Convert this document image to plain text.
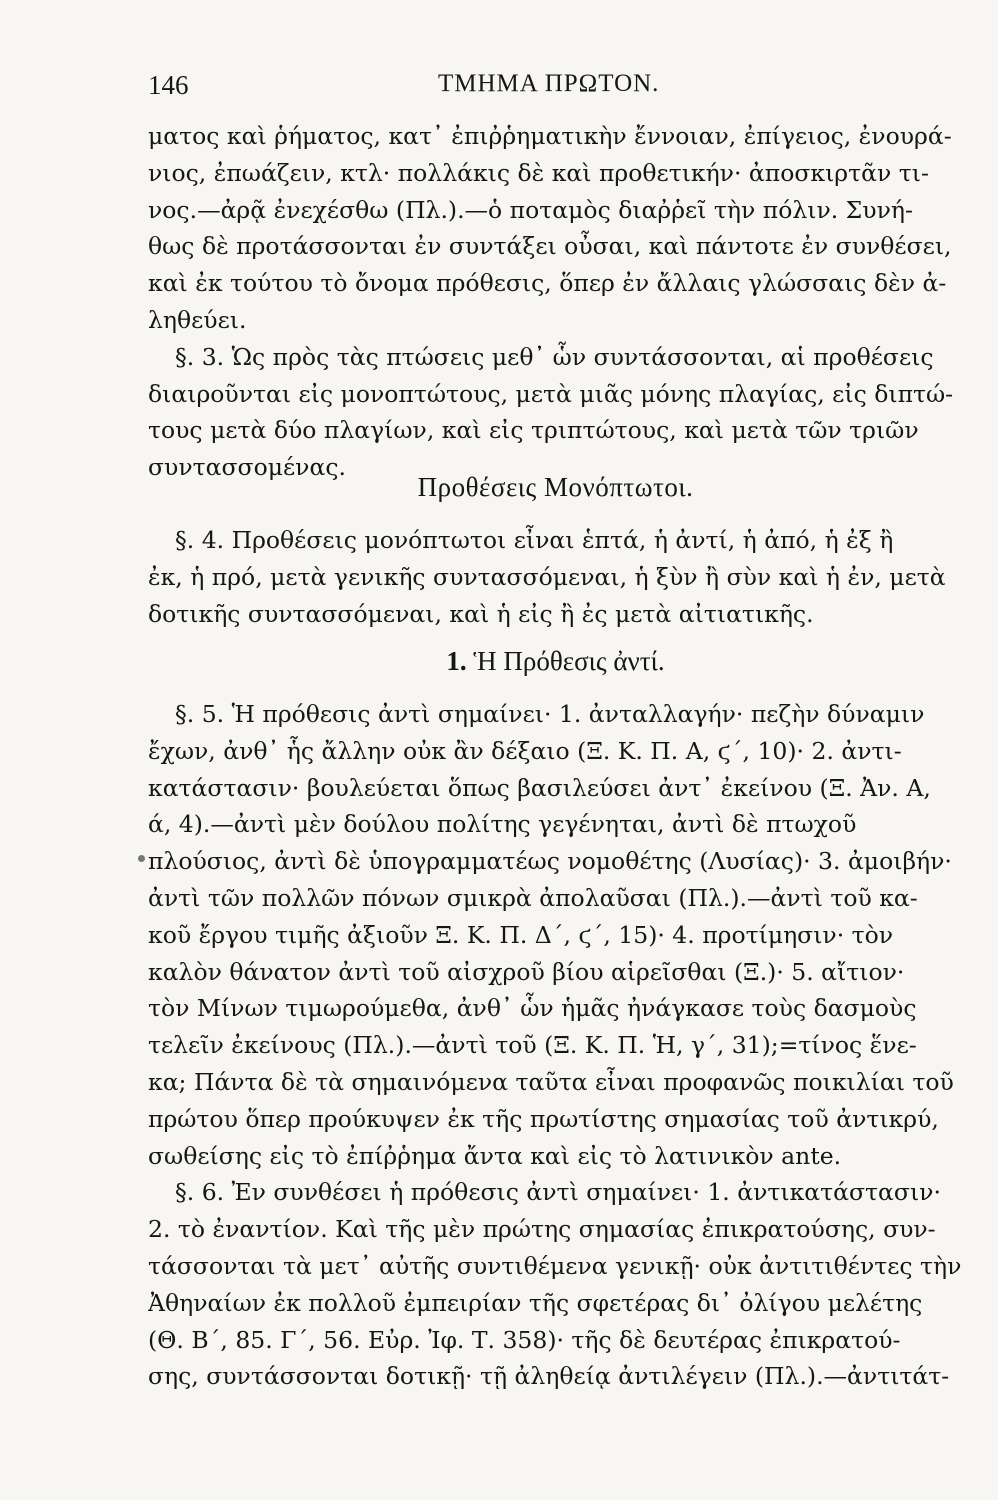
146	ΤΜΗΜΑ ΠΡΩΤΟΝ.
ματος καὶ ῥήματος, κατ᾽ ἐπιῤῥηματικὴν ἔννοιαν, ἐπίγειος, ἐνουρά-
νιος, ἐπωάζειν, κτλ· πολλάκις δὲ καὶ προθετικήν· ἀποσκιρτᾶν τι-
νος.—ἀρᾷ ἐνεχέσθω (Πλ.).—ὁ ποταμὸς διαῤῥεῖ τὴν πόλιν. Συνή-
θως δὲ προτάσσονται ἐν συντάξει οὖσαι, καὶ πάντοτε ἐν συνθέσει,
καὶ ἐκ τούτου τὸ ὄνομα πρόθεσις, ὅπερ ἐν ἄλλαις γλώσσαις δὲν ἀ-
ληθεύει.
§. 3. Ὡς πρὸς τὰς πτώσεις μεθ᾽ ὧν συντάσσονται, αἱ προθέσεις
διαιροῦνται εἰς μονοπτώτους, μετὰ μιᾶς μόνης πλαγίας, εἰς διπτώ-
τους μετὰ δύο πλαγίων, καὶ εἰς τριπτώτους, καὶ μετὰ τῶν τριῶν
συντασσομένας.
Προθέσεις Μονόπτωτοι.
§. 4. Προθέσεις μονόπτωτοι εἶναι ἑπτά, ἡ ἀντί, ἡ ἀπό, ἡ ἐξ ἢ
ἐκ, ἡ πρό, μετὰ γενικῆς συντασσόμεναι, ἡ ξὺν ἢ σὺν καὶ ἡ ἐν, μετὰ
δοτικῆς συντασσόμεναι, καὶ ἡ εἰς ἢ ἐς μετὰ αἰτιατικῆς.
1. Ἡ Πρόθεσις ἀντί.
§. 5. Ἡ πρόθεσις ἀντὶ σημαίνει· 1. ἀνταλλαγήν· πεζὴν δύναμιν
ἔχων, ἀνθ᾽ ἧς ἄλλην οὐκ ἂν δέξαιο (Ξ. Κ. Π. Α, ϛ΄, 10)· 2. ἀντι-
κατάστασιν· βουλεύεται ὅπως βασιλεύσει ἀντ᾽ ἐκείνου (Ξ. Ἀν. Α,
ά, 4).—ἀντὶ μὲν δούλου πολίτης γεγένηται, ἀντὶ δὲ πτωχοῦ
πλούσιος, ἀντὶ δὲ ὑπογραμματέως νομοθέτης (Λυσίας)· 3. ἀμοιβήν·
ἀντὶ τῶν πολλῶν πόνων σμικρὰ ἀπολαῦσαι (Πλ.).—ἀντὶ τοῦ κα-
κοῦ ἔργου τιμῆς ἀξιοῦν Ξ. Κ. Π. Δ΄, ϛ΄, 15)· 4. προτίμησιν· τὸν
καλὸν θάνατον ἀντὶ τοῦ αἰσχροῦ βίου αἱρεῖσθαι (Ξ.)· 5. αἴτιον·
τὸν Μίνων τιμωρούμεθα, ἀνθ᾽ ὧν ἡμᾶς ἠνάγκασε τοὺς δασμοὺς
τελεῖν ἐκείνους (Πλ.).—ἀντὶ τοῦ (Ξ. Κ. Π. Ἡ, γ΄, 31);=τίνος ἕνε-
κα; Πάντα δὲ τὰ σημαινόμενα ταῦτα εἶναι προφανῶς ποικιλίαι τοῦ
πρώτου ὅπερ προύκυψεν ἐκ τῆς πρωτίστης σημασίας τοῦ ἀντικρύ,
σωθείσης εἰς τὸ ἐπίῤῥημα ἄντα καὶ εἰς τὸ λατινικὸν ante.
§. 6. Ἐν συνθέσει ἡ πρόθεσις ἀντὶ σημαίνει· 1. ἀντικατάστασιν·
2. τὸ ἐναντίον. Καὶ τῆς μὲν πρώτης σημασίας ἐπικρατούσης, συν-
τάσσονται τὰ μετ᾽ αὐτῆς συντιθέμενα γενικῇ· οὐκ ἀντιτιθέντες τὴν
Ἀθηναίων ἐκ πολλοῦ ἐμπειρίαν τῆς σφετέρας δι᾽ ὀλίγου μελέτης
(Θ. Β΄, 85. Γ΄, 56. Εὐρ. Ἰφ. Τ. 358)· τῆς δὲ δευτέρας ἐπικρατού-
σης, συντάσσονται δοτικῇ· τῇ ἀληθείᾳ ἀντιλέγειν (Πλ.).—ἀντιτάτ-
